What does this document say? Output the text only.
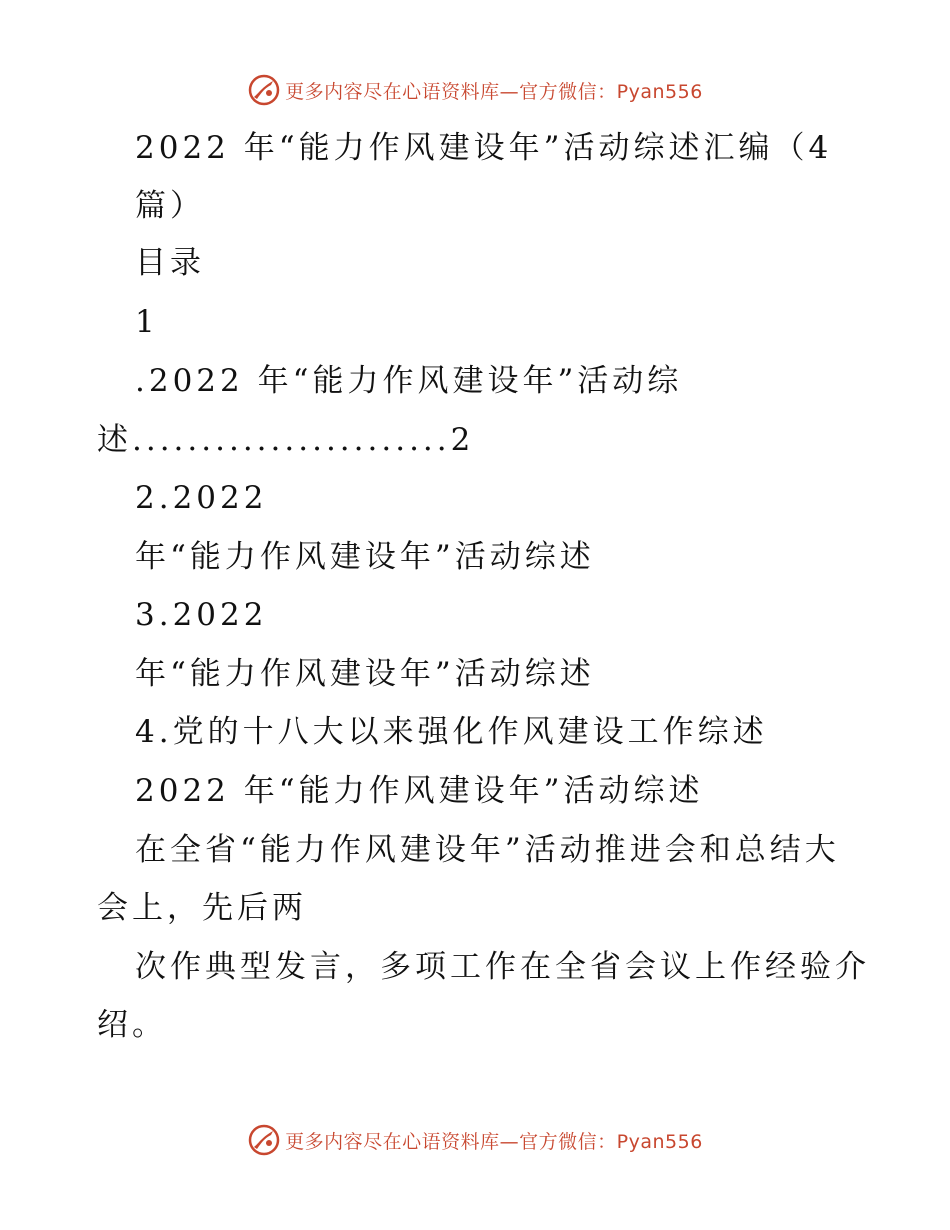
更多内容尽在心语资料库—官方微信：Pyan556
2022 年“能力作风建设年”活动综述汇编（4
篇）
目录
1
.2022 年“能力作风建设年”活动综
述.......................2
2.2022
年“能力作风建设年”活动综述
3.2022
年“能力作风建设年”活动综述
4.党的十八大以来强化作风建设工作综述
2022 年“能力作风建设年”活动综述
在全省“能力作风建设年”活动推进会和总结大
会上，先后两
次作典型发言，多项工作在全省会议上作经验介
绍。
更多内容尽在心语资料库—官方微信：Pyan556
